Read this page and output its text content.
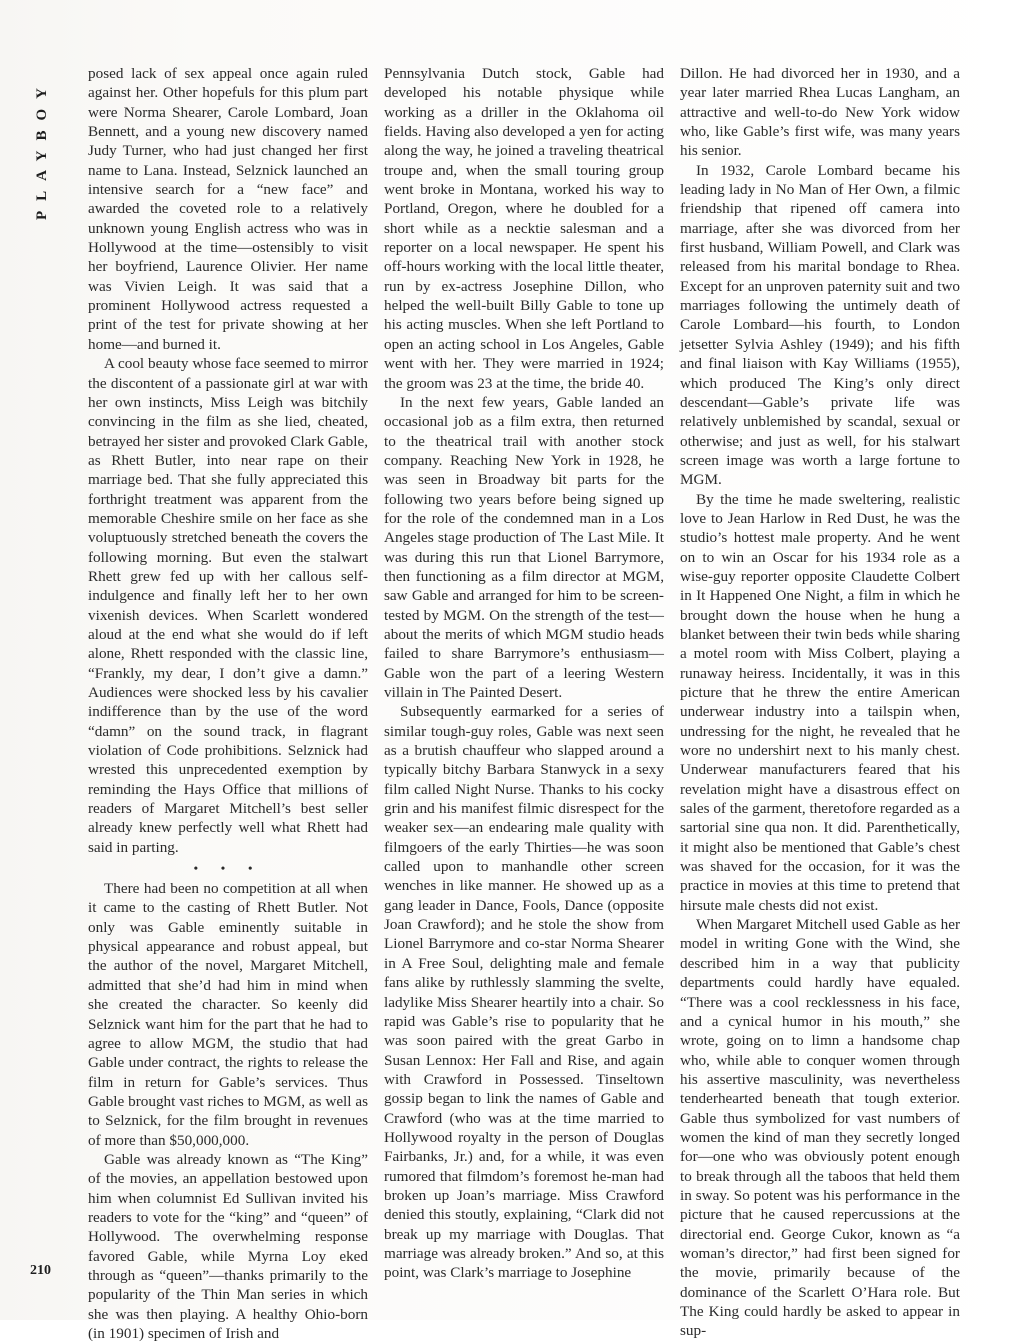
PLAYBOY

posed lack of sex appeal once again ruled against her. Other hopefuls for this plum part were Norma Shearer, Carole Lombard, Joan Bennett, and a young new discovery named Judy Turner, who had just changed her first name to Lana. Instead, Selznick launched an intensive search for a “new face” and awarded the coveted role to a relatively unknown young English actress who was in Hollywood at the time—ostensibly to visit her boyfriend, Laurence Olivier. Her name was Vivien Leigh. It was said that a prominent Hollywood actress requested a print of the test for private showing at her home—and burned it.

A cool beauty whose face seemed to mirror the discontent of a passionate girl at war with her own instincts, Miss Leigh was bitchily convincing in the film as she lied, cheated, betrayed her sister and provoked Clark Gable, as Rhett Butler, into near rape on their marriage bed. That she fully appreciated this forthright treatment was apparent from the memorable Cheshire smile on her face as she voluptuously stretched beneath the covers the following morning. But even the stalwart Rhett grew fed up with her callous self-indulgence and finally left her to her own vixenish devices. When Scarlett wondered aloud at the end what she would do if left alone, Rhett responded with the classic line, “Frankly, my dear, I don’t give a damn.” Audiences were shocked less by his cavalier indifference than by the use of the word “damn” on the sound track, in flagrant violation of Code prohibitions. Selznick had wrested this unprecedented exemption by reminding the Hays Office that millions of readers of Margaret Mitchell’s best seller already knew perfectly well what Rhett had said in parting.

• • •

There had been no competition at all when it came to the casting of Rhett Butler. Not only was Gable eminently suitable in physical appearance and robust appeal, but the author of the novel, Margaret Mitchell, admitted that she’d had him in mind when she created the character. So keenly did Selznick want him for the part that he had to agree to allow MGM, the studio that had Gable under contract, the rights to release the film in return for Gable’s services. Thus Gable brought vast riches to MGM, as well as to Selznick, for the film brought in revenues of more than $50,000,000.

Gable was already known as “The King” of the movies, an appellation bestowed upon him when columnist Ed Sullivan invited his readers to vote for the “king” and “queen” of Hollywood. The overwhelming response favored Gable, while Myrna Loy eked through as “queen”—thanks primarily to the popularity of the Thin Man series in which she was then playing. A healthy Ohio-born (in 1901) specimen of Irish and

Pennsylvania Dutch stock, Gable had developed his notable physique while working as a driller in the Oklahoma oil fields. Having also developed a yen for acting along the way, he joined a traveling theatrical troupe and, when the small touring group went broke in Montana, worked his way to Portland, Oregon, where he doubled for a short while as a necktie salesman and a reporter on a local newspaper. He spent his off-hours working with the local little theater, run by ex-actress Josephine Dillon, who helped the well-built Billy Gable to tone up his acting muscles. When she left Portland to open an acting school in Los Angeles, Gable went with her. They were married in 1924; the groom was 23 at the time, the bride 40.

In the next few years, Gable landed an occasional job as a film extra, then returned to the theatrical trail with another stock company. Reaching New York in 1928, he was seen in Broadway bit parts for the following two years before being signed up for the role of the condemned man in a Los Angeles stage production of The Last Mile. It was during this run that Lionel Barrymore, then functioning as a film director at MGM, saw Gable and arranged for him to be screen-tested by MGM. On the strength of the test—about the merits of which MGM studio heads failed to share Barrymore’s enthusiasm—Gable won the part of a leering Western villain in The Painted Desert.

Subsequently earmarked for a series of similar tough-guy roles, Gable was next seen as a brutish chauffeur who slapped around a typically bitchy Barbara Stanwyck in a sexy film called Night Nurse. Thanks to his cocky grin and his manifest filmic disrespect for the weaker sex—an endearing male quality with filmgoers of the early Thirties—he was soon called upon to manhandle other screen wenches in like manner. He showed up as a gang leader in Dance, Fools, Dance (opposite Joan Crawford); and he stole the show from Lionel Barrymore and co-star Norma Shearer in A Free Soul, delighting male and female fans alike by ruthlessly slamming the svelte, ladylike Miss Shearer heartily into a chair. So rapid was Gable’s rise to popularity that he was soon paired with the great Garbo in Susan Lennox: Her Fall and Rise, and again with Crawford in Possessed. Tinseltown gossip began to link the names of Gable and Crawford (who was at the time married to Hollywood royalty in the person of Douglas Fairbanks, Jr.) and, for a while, it was even rumored that filmdom’s foremost he-man had broken up Joan’s marriage. Miss Crawford denied this stoutly, explaining, “Clark did not break up my marriage with Douglas. That marriage was already broken.” And so, at this point, was Clark’s marriage to Josephine

Dillon. He had divorced her in 1930, and a year later married Rhea Lucas Langham, an attractive and well-to-do New York widow who, like Gable’s first wife, was many years his senior.

In 1932, Carole Lombard became his leading lady in No Man of Her Own, a filmic friendship that ripened off camera into marriage, after she was divorced from her first husband, William Powell, and Clark was released from his marital bondage to Rhea. Except for an unproven paternity suit and two marriages following the untimely death of Carole Lombard—his fourth, to London jetsetter Sylvia Ashley (1949); and his fifth and final liaison with Kay Williams (1955), which produced The King’s only direct descendant—Gable’s private life was relatively unblemished by scandal, sexual or otherwise; and just as well, for his stalwart screen image was worth a large fortune to MGM.

By the time he made sweltering, realistic love to Jean Harlow in Red Dust, he was the studio’s hottest male property. And he went on to win an Oscar for his 1934 role as a wise-guy reporter opposite Claudette Colbert in It Happened One Night, a film in which he brought down the house when he hung a blanket between their twin beds while sharing a motel room with Miss Colbert, playing a runaway heiress. Incidentally, it was in this picture that he threw the entire American underwear industry into a tailspin when, undressing for the night, he revealed that he wore no undershirt next to his manly chest. Underwear manufacturers feared that his revelation might have a disastrous effect on sales of the garment, theretofore regarded as a sartorial sine qua non. It did. Parenthetically, it might also be mentioned that Gable’s chest was shaved for the occasion, for it was the practice in movies at this time to pretend that hirsute male chests did not exist.

When Margaret Mitchell used Gable as her model in writing Gone with the Wind, she described him in a way that publicity departments could hardly have equaled. “There was a cool recklessness in his face, and a cynical humor in his mouth,” she wrote, going on to limn a handsome chap who, while able to conquer women through his assertive masculinity, was nevertheless tenderhearted beneath that tough exterior. Gable thus symbolized for vast numbers of women the kind of man they secretly longed for—one who was obviously potent enough to break through all the taboos that held them in sway. So potent was his performance in the picture that he caused repercussions at the directorial end. George Cukor, known as “a woman’s director,” had first been signed for the movie, primarily because of the dominance of the Scarlett O’Hara role. But The King could hardly be asked to appear in sup-

210
